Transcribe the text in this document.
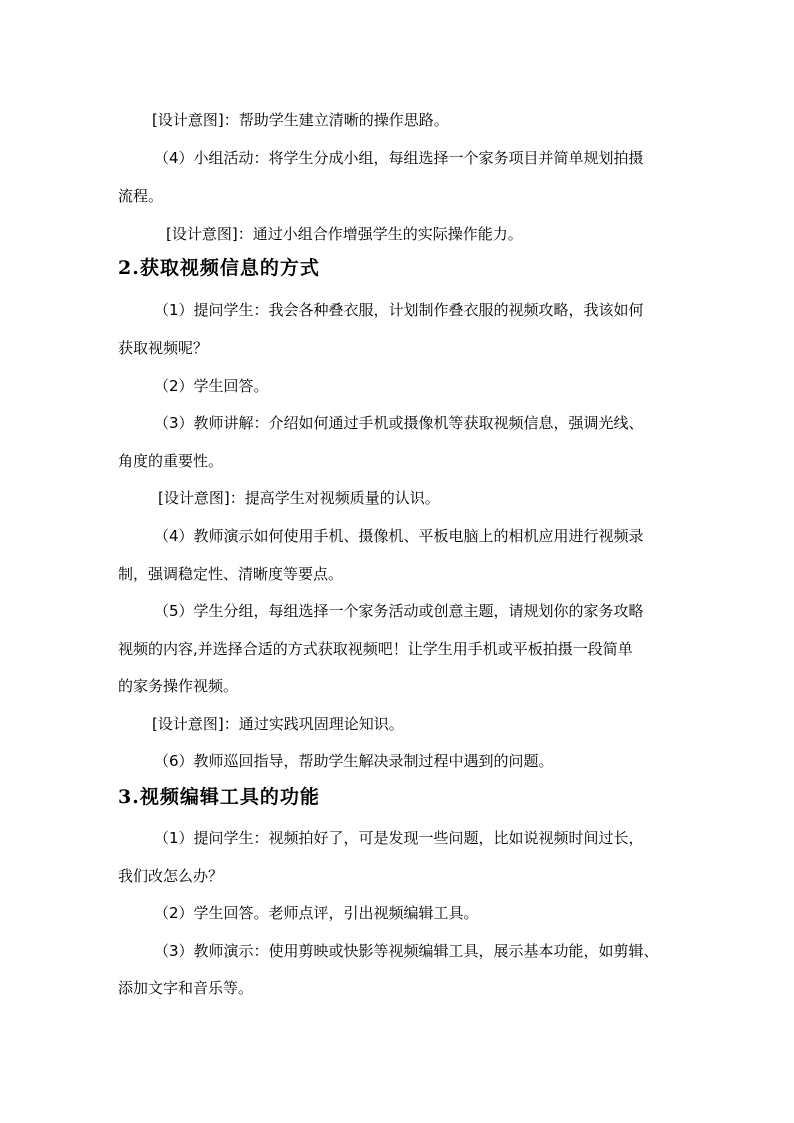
[设计意图]：帮助学生建立清晰的操作思路。
（4）小组活动：将学生分成小组，每组选择一个家务项目并简单规划拍摄
流程。
[设计意图]：通过小组合作增强学生的实际操作能力。
2.获取视频信息的方式
（1）提问学生：我会各种叠衣服，计划制作叠衣服的视频攻略，我该如何
获取视频呢？
（2）学生回答。
（3）教师讲解：介绍如何通过手机或摄像机等获取视频信息，强调光线、
角度的重要性。
[设计意图]：提高学生对视频质量的认识。
（4）教师演示如何使用手机、摄像机、平板电脑上的相机应用进行视频录
制，强调稳定性、清晰度等要点。
（5）学生分组，每组选择一个家务活动或创意主题，请规划你的家务攻略
视频的内容,并选择合适的方式获取视频吧！让学生用手机或平板拍摄一段简单
的家务操作视频。
[设计意图]：通过实践巩固理论知识。
（6）教师巡回指导，帮助学生解决录制过程中遇到的问题。
3.视频编辑工具的功能
（1）提问学生：视频拍好了，可是发现一些问题，比如说视频时间过长，
我们改怎么办？
（2）学生回答。老师点评，引出视频编辑工具。
（3）教师演示：使用剪映或快影等视频编辑工具，展示基本功能，如剪辑、
添加文字和音乐等。
